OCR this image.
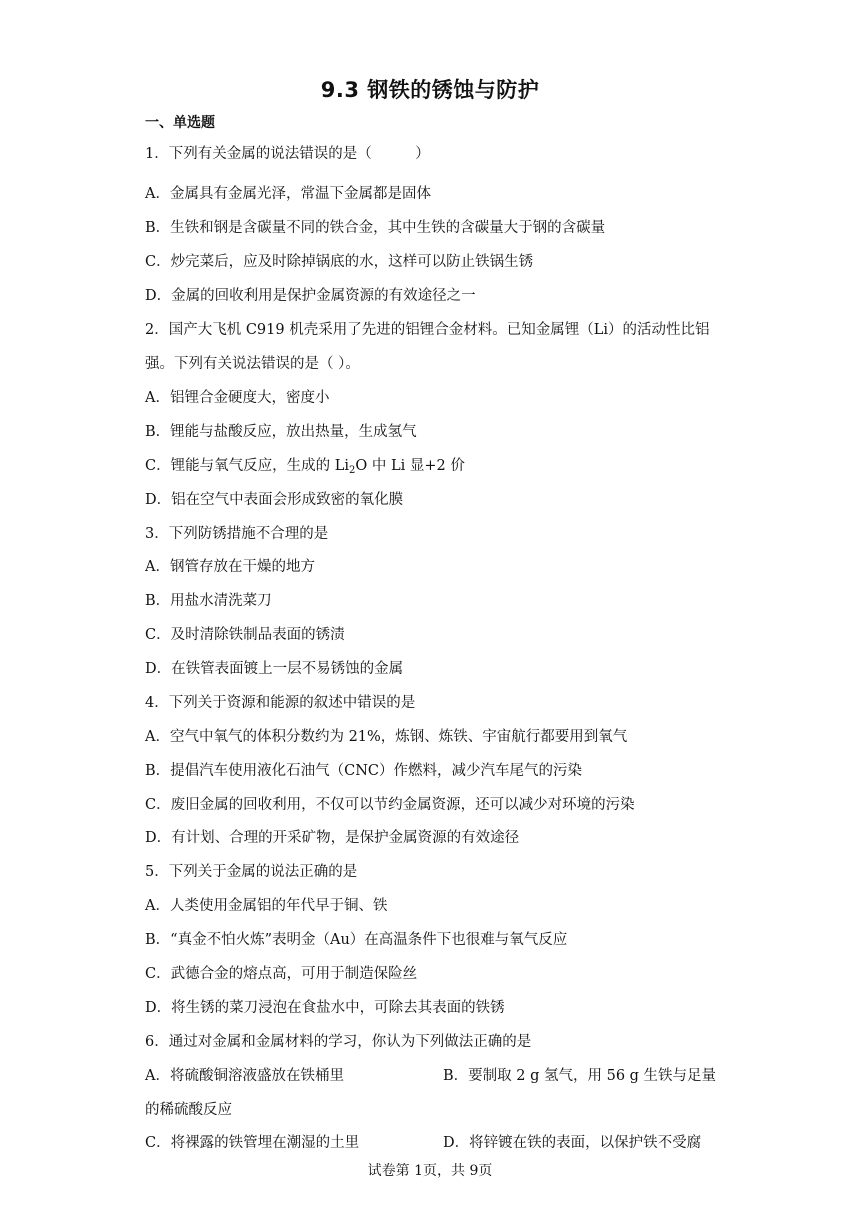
9.3 钢铁的锈蚀与防护
一、单选题
1．下列有关金属的说法错误的是（　　　）
A．金属具有金属光泽，常温下金属都是固体
B．生铁和钢是含碳量不同的铁合金，其中生铁的含碳量大于钢的含碳量
C．炒完菜后，应及时除掉锅底的水，这样可以防止铁锅生锈
D．金属的回收利用是保护金属资源的有效途径之一
2．国产大飞机 C919 机壳采用了先进的铝锂合金材料。已知金属锂（Li）的活动性比铝
强。下列有关说法错误的是（ ）。
A．铝锂合金硬度大，密度小
B．锂能与盐酸反应，放出热量，生成氢气
C．锂能与氧气反应，生成的 $Li_2O$ 中 Li 显+2 价
D．铝在空气中表面会形成致密的氧化膜
3．下列防锈措施不合理的是
A．钢管存放在干燥的地方
B．用盐水清洗菜刀
C．及时清除铁制品表面的锈渍
D．在铁管表面镀上一层不易锈蚀的金属
4．下列关于资源和能源的叙述中错误的是
A．空气中氧气的体积分数约为 21%，炼钢、炼铁、宇宙航行都要用到氧气
B．提倡汽车使用液化石油气（CNC）作燃料，减少汽车尾气的污染
C．废旧金属的回收利用，不仅可以节约金属资源，还可以减少对环境的污染
D．有计划、合理的开采矿物，是保护金属资源的有效途径
5．下列关于金属的说法正确的是
A．人类使用金属铝的年代早于铜、铁
B．“真金不怕火炼”表明金（Au）在高温条件下也很难与氧气反应
C．武德合金的熔点高，可用于制造保险丝
D．将生锈的菜刀浸泡在食盐水中，可除去其表面的铁锈
6．通过对金属和金属材料的学习，你认为下列做法正确的是
A．将硫酸铜溶液盛放在铁桶里	B．要制取 2 g 氢气，用 56 g 生铁与足量
的稀硫酸反应
C．将裸露的铁管埋在潮湿的土里	D．将锌镀在铁的表面，以保护铁不受腐
试卷第 1页，共 9页
